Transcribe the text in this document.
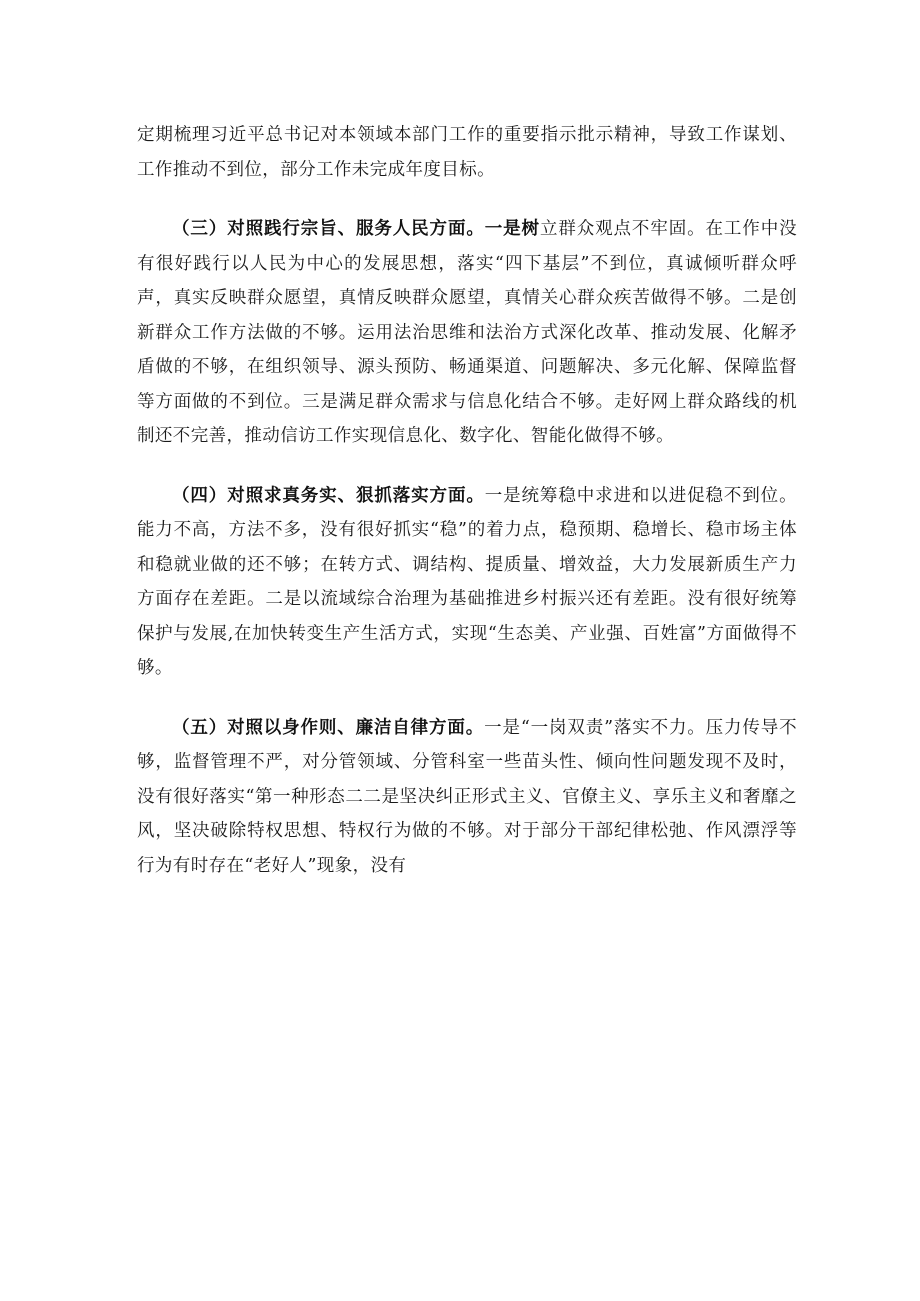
定期梳理习近平总书记对本领域本部门工作的重要指示批示精神，导致工作谋划、工作推动不到位，部分工作未完成年度目标。

（三）对照践行宗旨、服务人民方面。一是树立群众观点不牢固。在工作中没有很好践行以人民为中心的发展思想，落实“四下基层”不到位，真诚倾听群众呼声，真实反映群众愿望，真情反映群众愿望，真情关心群众疾苦做得不够。二是创新群众工作方法做的不够。运用法治思维和法治方式深化改革、推动发展、化解矛盾做的不够，在组织领导、源头预防、畅通渠道、问题解决、多元化解、保障监督等方面做的不到位。三是满足群众需求与信息化结合不够。走好网上群众路线的机制还不完善，推动信访工作实现信息化、数字化、智能化做得不够。

（四）对照求真务实、狠抓落实方面。一是统筹稳中求进和以进促稳不到位。能力不高，方法不多，没有很好抓实“稳”的着力点，稳预期、稳增长、稳市场主体和稳就业做的还不够；在转方式、调结构、提质量、增效益，大力发展新质生产力方面存在差距。二是以流域综合治理为基础推进乡村振兴还有差距。没有很好统筹保护与发展,在加快转变生产生活方式，实现“生态美、产业强、百姓富”方面做得不够。

（五）对照以身作则、廉洁自律方面。一是“一岗双责”落实不力。压力传导不够，监督管理不严，对分管领域、分管科室一些苗头性、倾向性问题发现不及时，没有很好落实“第一种形态二二是坚决纠正形式主义、官僚主义、享乐主义和奢靡之风，坚决破除特权思想、特权行为做的不够。对于部分干部纪律松弛、作风漂浮等行为有时存在“老好人”现象，没有
